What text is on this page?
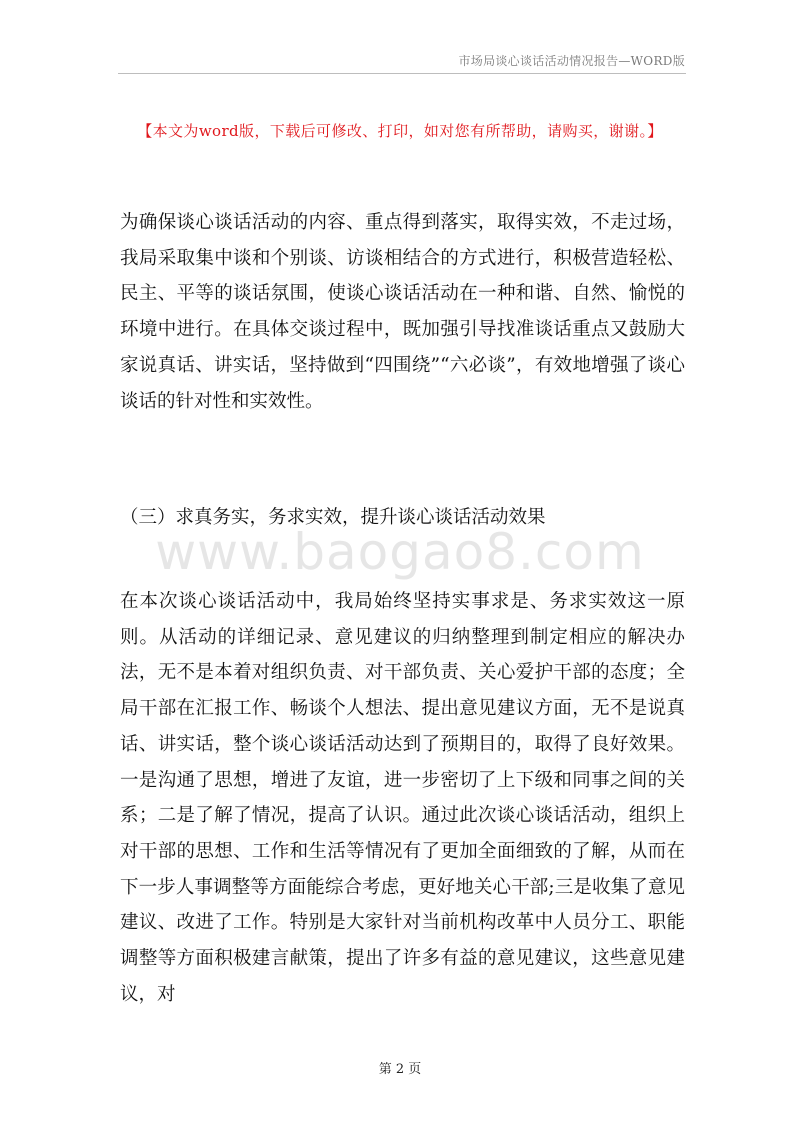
市场局谈心谈话活动情况报告—WORD版
【本文为word版，下载后可修改、打印，如对您有所帮助，请购买，谢谢。】

为确保谈心谈话活动的内容、重点得到落实，取得实效，不走过场，我局采取集中谈和个别谈、访谈相结合的方式进行，积极营造轻松、民主、平等的谈话氛围，使谈心谈话活动在一种和谐、自然、愉悦的环境中进行。在具体交谈过程中，既加强引导找准谈话重点又鼓励大家说真话、讲实话，坚持做到“四围绕”“六必谈”，有效地增强了谈心谈话的针对性和实效性。

（三）求真务实，务求实效，提升谈心谈话活动效果
www.baogao8.com

在本次谈心谈话活动中，我局始终坚持实事求是、务求实效这一原则。从活动的详细记录、意见建议的归纳整理到制定相应的解决办法，无不是本着对组织负责、对干部负责、关心爱护干部的态度；全局干部在汇报工作、畅谈个人想法、提出意见建议方面，无不是说真话、讲实话，整个谈心谈话活动达到了预期目的，取得了良好效果。一是沟通了思想，增进了友谊，进一步密切了上下级和同事之间的关系；二是了解了情况，提高了认识。通过此次谈心谈话活动，组织上对干部的思想、工作和生活等情况有了更加全面细致的了解，从而在下一步人事调整等方面能综合考虑，更好地关心干部;三是收集了意见建议、改进了工作。特别是大家针对当前机构改革中人员分工、职能调整等方面积极建言献策，提出了许多有益的意见建议，这些意见建议，对

第 2 页
